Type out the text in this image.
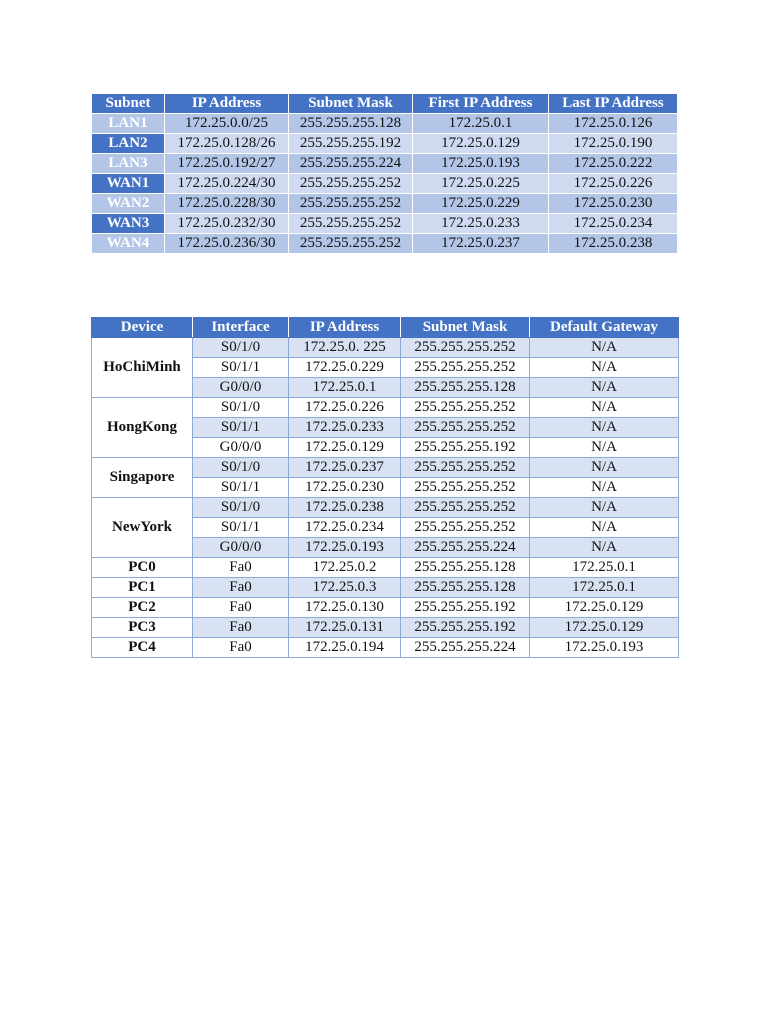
Subnet	IP Address	Subnet Mask	First IP Address	Last IP Address
LAN1	172.25.0.0/25	255.255.255.128	172.25.0.1	172.25.0.126
LAN2	172.25.0.128/26	255.255.255.192	172.25.0.129	172.25.0.190
LAN3	172.25.0.192/27	255.255.255.224	172.25.0.193	172.25.0.222
WAN1	172.25.0.224/30	255.255.255.252	172.25.0.225	172.25.0.226
WAN2	172.25.0.228/30	255.255.255.252	172.25.0.229	172.25.0.230
WAN3	172.25.0.232/30	255.255.255.252	172.25.0.233	172.25.0.234
WAN4	172.25.0.236/30	255.255.255.252	172.25.0.237	172.25.0.238
Device	Interface	IP Address	Subnet Mask	Default Gateway
HoChiMinh	S0/1/0	172.25.0. 225	255.255.255.252	N/A
	S0/1/1	172.25.0.229	255.255.255.252	N/A
	G0/0/0	172.25.0.1	255.255.255.128	N/A
HongKong	S0/1/0	172.25.0.226	255.255.255.252	N/A
	S0/1/1	172.25.0.233	255.255.255.252	N/A
	G0/0/0	172.25.0.129	255.255.255.192	N/A
Singapore	S0/1/0	172.25.0.237	255.255.255.252	N/A
	S0/1/1	172.25.0.230	255.255.255.252	N/A
NewYork	S0/1/0	172.25.0.238	255.255.255.252	N/A
	S0/1/1	172.25.0.234	255.255.255.252	N/A
	G0/0/0	172.25.0.193	255.255.255.224	N/A
PC0	Fa0	172.25.0.2	255.255.255.128	172.25.0.1
PC1	Fa0	172.25.0.3	255.255.255.128	172.25.0.1
PC2	Fa0	172.25.0.130	255.255.255.192	172.25.0.129
PC3	Fa0	172.25.0.131	255.255.255.192	172.25.0.129
PC4	Fa0	172.25.0.194	255.255.255.224	172.25.0.193
